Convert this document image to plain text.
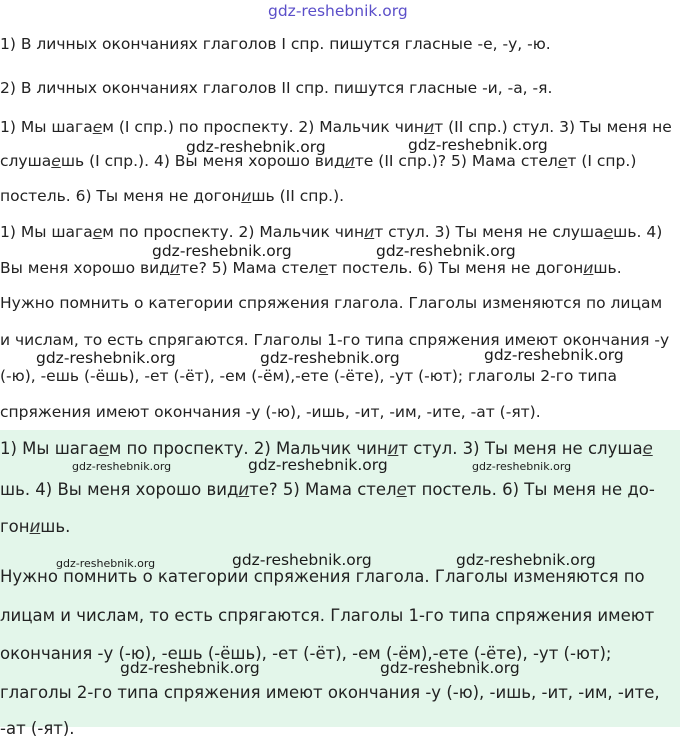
gdz-reshebnik.org
1) В личных окончаниях глаголов I спр. пишутся гласные -е, -у, -ю.
2) В личных окончаниях глаголов II спр. пишутся гласные -и, -а, -я.
1) Мы шагаем (I спр.) по проспекту. 2) Мальчик чинит (II спр.) стул. 3) Ты меня не
слушаешь (I спр.). 4) Вы меня хорошо видите (II спр.)? 5) Мама стелет (I спр.)
постель. 6) Ты меня не догонишь (II спр.).
gdz-reshebnik.org	gdz-reshebnik.org
1) Мы шагаем по проспекту. 2) Мальчик чинит стул. 3) Ты меня не слушаешь. 4)
Вы меня хорошо видите? 5) Мама стелет постель. 6) Ты меня не догонишь.
gdz-reshebnik.org	gdz-reshebnik.org
Нужно помнить о категории спряжения глагола. Глаголы изменяются по лицам
и числам, то есть спрягаются. Глаголы 1-го типа спряжения имеют окончания -у
(-ю), -ешь (-ёшь), -ет (-ёт), -ем (-ём),-ете (-ёте), -ут (-ют); глаголы 2-го типа
спряжения имеют окончания -у (-ю), -ишь, -ит, -им, -ите, -ат (-ят).
gdz-reshebnik.org	gdz-reshebnik.org	gdz-reshebnik.org
1) Мы шагаем по проспекту. 2) Мальчик чинит стул. 3) Ты меня не слушае
шь. 4) Вы меня хорошо видите? 5) Мама стелет постель. 6) Ты меня не до-
гонишь.
gdz-reshebnik.org	gdz-reshebnik.org	gdz-reshebnik.org
gdz-reshebnik.org	gdz-reshebnik.org	gdz-reshebnik.org
Нужно помнить о категории спряжения глагола. Глаголы изменяются по
лицам и числам, то есть спрягаются. Глаголы 1-го типа спряжения имеют
окончания -у (-ю), -ешь (-ёшь), -ет (-ёт), -ем (-ём),-ете (-ёте), -ут (-ют);
глаголы 2-го типа спряжения имеют окончания -у (-ю), -ишь, -ит, -им, -ите,
-ат (-ят).
gdz-reshebnik.org	gdz-reshebnik.org
